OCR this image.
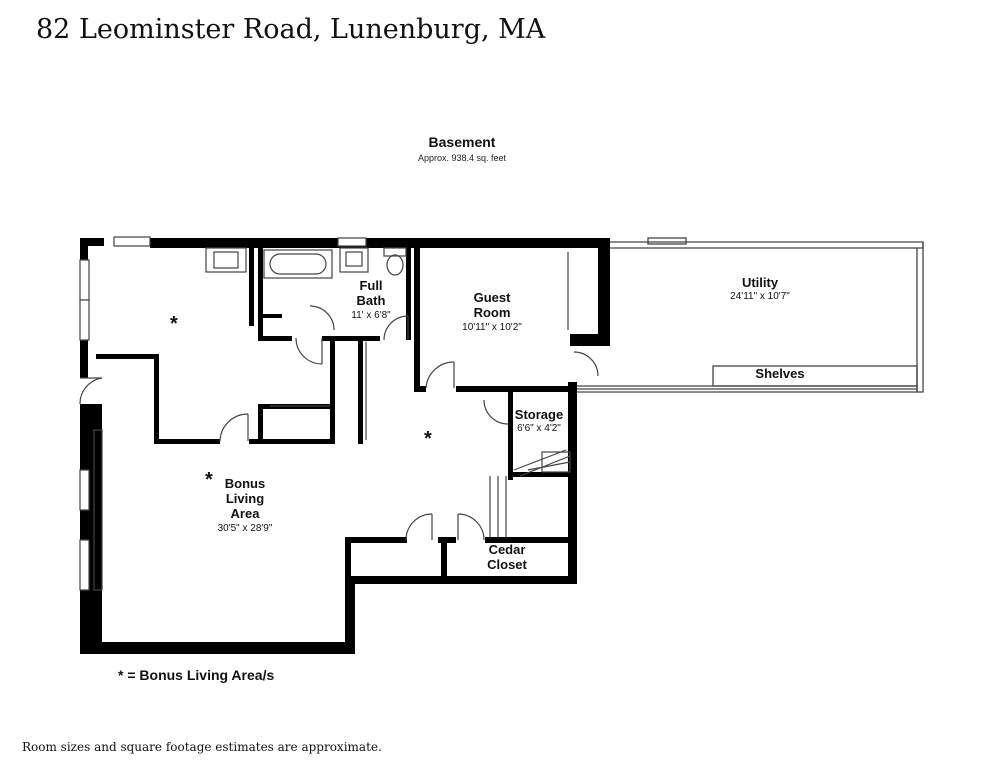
82 Leominster Road, Lunenburg, MA
Basement
Approx. 938.4 sq. feet
*
*
* Bonus
Living
Area
30'5" x 28'9"
Full
Bath
11' x 6'8"
Guest
Room
10'11" x 10'2"
Utility
24'11" x 10'7"
Shelves
Storage
6'6" x 4'2"
Cedar
Closet
* = Bonus Living Area/s
Room sizes and square footage estimates are approximate.
